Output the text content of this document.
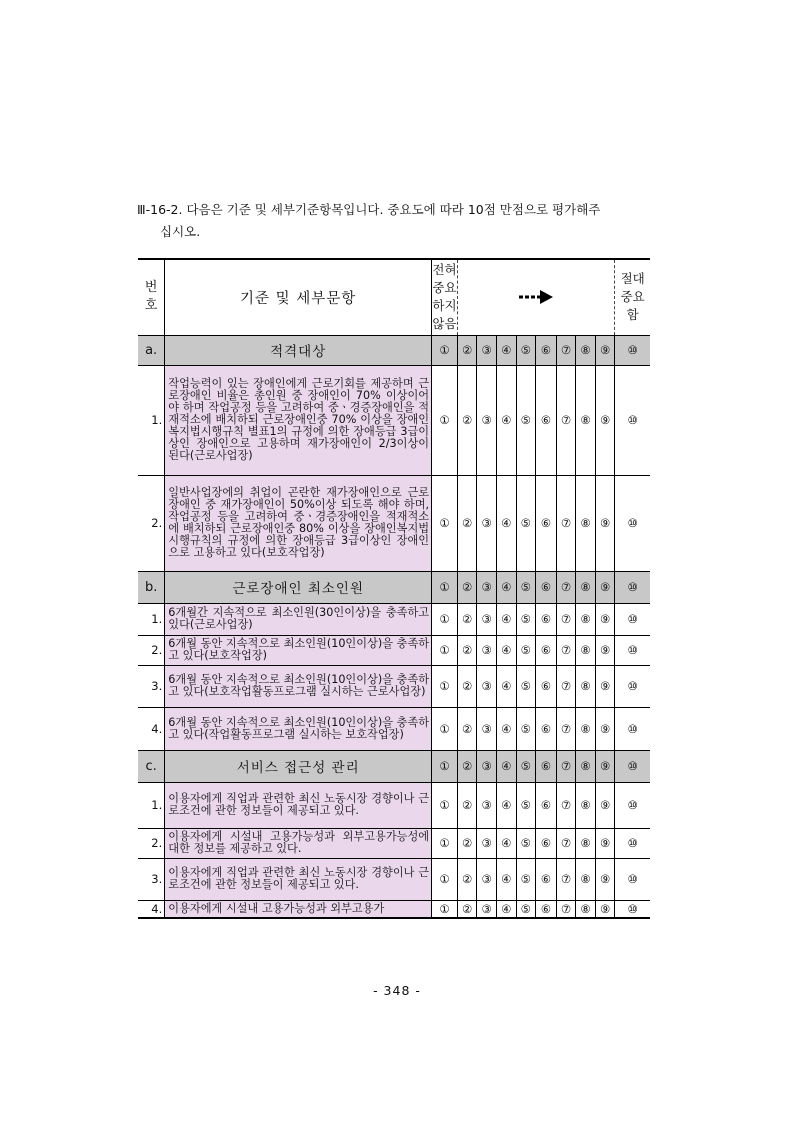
Ⅲ-16-2. 다음은 기준 및 세부기준항목입니다. 중요도에 따라 10점 만점으로 평가해주
십시오.
번
호	기준 및 세부문항	전혀
중요
하지
않음									절대
중요
함
a.	적격대상	①	②	③	④	⑤	⑥	⑦	⑧	⑨	⑩
1.	작업능력이 있는 장애인에게 근로기회를 제공하며 근로장애인 비율은 총인원 중 장애인이 70% 이상이어야 하며 작업공정 등을 고려하여 중ㆍ경증장애인을 적재적소에 배치하되 근로장애인중 70% 이상을 장애인복지법시행규칙 별표1의 규정에 의한 장애등급 3급이상인 장애인으로 고용하며 재가장애인이 2/3이상이 된다(근로사업장)	①	②	③	④	⑤	⑥	⑦	⑧	⑨	⑩
2.	일반사업장에의 취업이 곤란한 재가장애인으로 근로장애인 중 재가장애인이 50%이상 되도록 해야 하며, 작업공정 등을 고려하여 중ㆍ경증장애인을 적재적소에 배치하되 근로장애인중 80% 이상을 장애인복지법시행규칙의 규정에 의한 장애등급 3급이상인 장애인으로 고용하고 있다(보호작업장)	①	②	③	④	⑤	⑥	⑦	⑧	⑨	⑩
b.	근로장애인 최소인원	①	②	③	④	⑤	⑥	⑦	⑧	⑨	⑩
1.	6개월간 지속적으로 최소인원(30인이상)을 충족하고 있다(근로사업장)	①	②	③	④	⑤	⑥	⑦	⑧	⑨	⑩
2.	6개월 동안 지속적으로 최소인원(10인이상)을 충족하고 있다(보호작업장)	①	②	③	④	⑤	⑥	⑦	⑧	⑨	⑩
3.	6개월 동안 지속적으로 최소인원(10인이상)을 충족하고 있다(보호작업활동프로그램 실시하는 근로사업장)	①	②	③	④	⑤	⑥	⑦	⑧	⑨	⑩
4.	6개월 동안 지속적으로 최소인원(10인이상)을 충족하고 있다(작업활동프로그램 실시하는 보호작업장)	①	②	③	④	⑤	⑥	⑦	⑧	⑨	⑩
c.	서비스 접근성 관리	①	②	③	④	⑤	⑥	⑦	⑧	⑨	⑩
1.	이용자에게 직업과 관련한 최신 노동시장 경향이나 근로조건에 관한 정보들이 제공되고 있다.	①	②	③	④	⑤	⑥	⑦	⑧	⑨	⑩
2.	이용자에게 시설내 고용가능성과 외부고용가능성에 대한 정보를 제공하고 있다.	①	②	③	④	⑤	⑥	⑦	⑧	⑨	⑩
3.	이용자에게 직업과 관련한 최신 노동시장 경향이나 근로조건에 관한 정보들이 제공되고 있다.	①	②	③	④	⑤	⑥	⑦	⑧	⑨	⑩
4.	이용자에게 시설내 고용가능성과 외부고용가	①	②	③	④	⑤	⑥	⑦	⑧	⑨	⑩
- 348 -
